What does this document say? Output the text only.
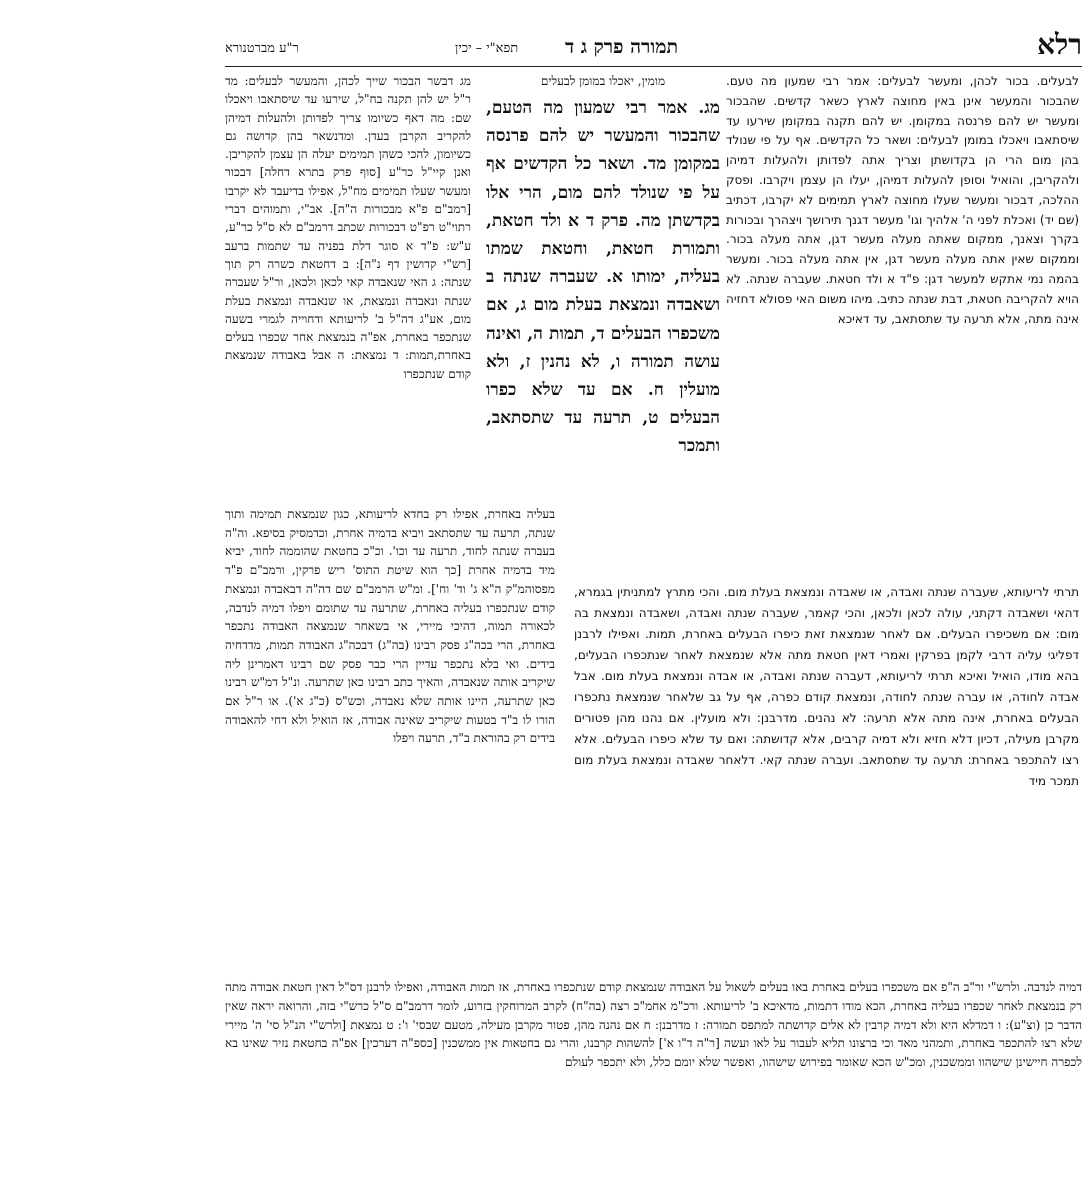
רלא
תמורה פרק ג ד
תפא"י – יכין
ר"ע מברטנורא

לבעלים. בכור לכהן, ומעשר לבעלים: אמר רבי שמעון מה טעם. שהבכור והמעשר אינן באין מחוצה לארץ כשאר קדשים. שהבכור ומעשר יש להם פרנסה במקומן. יש להם תקנה במקומן שירעו עד שיסתאבו ויאכלו במומן לבעלים: ושאר כל הקדשים. אף על פי שנולד בהן מום הרי הן בקדושתן וצריך אתה לפדותן ולהעלות דמיהן ולהקריבן, והואיל וסופן להעלות דמיהן, יעלו הן עצמן ויקרבו. ופסק ההלכה, דבכור ומעשר שעלו מחוצה לארץ תמימים לא יקרבו, דכתיב (שם יד) ואכלת לפני ה' אלהיך וגו' מעשר דגנך תירושך ויצהרך ובכורות בקרך וצאנך, ממקום שאתה מעלה מעשר דגן, אתה מעלה בכור. וממקום שאין אתה מעלה מעשר דגן, אין אתה מעלה בכור. ומעשר בהמה נמי אתקש למעשר דגן: פ"ד א ולד חטאת. שעברה שנתה. לא הויא להקריבה חטאת, דבת שנתה כתיב. מיהו משום האי פסולא דחזיה אינה מתה, אלא תרעה עד שתסתאב, עד דאיכא

מומין, יאכלו במומן לבעלים

מג. אמר רבי שמעון מה הטעם, שהבכור והמעשר יש להם פרנסה במקומן מד. ושאר כל הקדשים אף על פי שנולד להם מום, הרי אלו בקדשתן מה. פרק ד א ולד חטאת, ותמורת חטאת, וחטאת שמתו בעליה, ימותו א. שעברה שנתה ב ושאבדה ונמצאת בעלת מום ג, אם משכפרו הבעלים ד, תמות ה, ואינה עושה תמורה ו, לא נהנין ז, ולא מועלין ח. אם עד שלא כפרו הבעלים ט, תרעה עד שתסתאב, ותמכר

מג דבשר הבכור שייך לכהן, והמעשר לבעלים: מד ר"ל יש להן תקנה בח"ל, שירעו עד שיסתאבו ויאכלו שם: מה דאף כשיומו צריך לפדותן ולהעלות דמיהן להקריב הקרבן בעדן. ומדנשאר בהן קדושה גם כשיומון, להכי כשהן תמימים יעלה הן עצמן להקריבן. ואנן קיי"ל כר"ע [סוף פרק בתרא דחלה] דבכור ומעשר שעלו תמימים מח"ל, אפילו בדיעבד לא יקרבו [רמב"ם פ"א מבכורות ה"ה]. אב"י, ותמוהים דברי רתוי"ט רפ"ט דבכורות שכתב דרמב"ם לא ס"ל כר"ע, ע"ש: פ"ד א סוגר דלת בפניה עד שתמות ברעב [רש"י קדושין דף נ"ה]: ב דחטאת כשרה רק תוך שנתה: ג האי שנאבדה קאי לכאן ולכאן, ור"ל שעברה שנתה ונאבדה ונמצאת, או שנאבדה ונמצאת בעלת מום, אע"ג דה"ל ב' לריעותא ודחוייה לגמרי בשעה שנתכפר באחרת, אפ"ה בנמצאת אחר שכפרו בעלים באחרת,תמות: ד נמצאת: ה אבל באבודה שנמצאת קודם שנתכפרו

בעליה באחרת, אפילו רק בחדא לריעותא, כגון שנמצאת תמימה ותוך שנתה, תרעה עד שתסתאב ויביא בדמיה אחרת, וכדמסיק בסיפא. וה"ה בעברה שנתה לחוד, תרעה עד וכו'. וכ"כ בחטאת שהוממה לחוד, יביא מיד בדמיה אחרת [כך הוא שיטת התוס' ריש פרקין, ורמב"ם פ"ד מפסוהמ"ק ה"א ג' וד' וח']. ומ"ש הרמב"ם שם דה"ה דבאבדה ונמצאת קודם שנתכפרו בעליה באחרת, שתרעה עד שתומם ויפלו דמיה לנדבה, לכאורה תמוה, דהיכי מיירי, אי בשאחר שנמצאה האבודה נתכפר באחרת, הרי בכה"ג פסק רבינו (בה"ג) דבכה"ג האבודה תמות, מדדחיה בידים. ואי בלא נתכפר עדיין הרי כבר פסק שם רבינו דאמרינן ליה שיקריב אותה שנאבדה, והאיך כתב רבינו כאן שתרעה. ונ"ל דמ"ש רבינו כאן שתרעה, היינו אותה שלא נאבדה, וכש"ס (כ"ג א'). או ר"ל אם הורו לו ב"ד בטעות שיקריב שאינה אבודה, אז הואיל ולא דחי להאבודה בידים רק בהוראת ב"ד, תרעה ויפלו

תרתי לריעותא, שעברה שנתה ואבדה, או שאבדה ונמצאת בעלת מום. והכי מתרץ למתניתין בגמרא, דהאי ושאבדה דקתני, עולה לכאן ולכאן, והכי קאמר, שעברה שנתה ואבדה, ושאבדה ונמצאת בה מום: אם משכיפרו הבעלים. אם לאחר שנמצאת זאת כיפרו הבעלים באחרת, תמות. ואפילו לרבנן דפליגי עליה דרבי לקמן בפרקין ואמרי דאין חטאת מתה אלא שנמצאת לאחר שנתכפרו הבעלים, בהא מודו, הואיל ואיכא תרתי לריעותא, דעברה שנתה ואבדה, או אבדה ונמצאת בעלת מום. אבל אבדה לחודה, או עברה שנתה לחודה, ונמצאת קודם כפרה, אף על גב שלאחר שנמצאת נתכפרו הבעלים באחרת, אינה מתה אלא תרעה: לא נהנים. מדרבנן: ולא מועלין. אם נהנו מהן פטורים מקרבן מעילה, דכיון דלא חזיא ולא דמיה קרבים, אלא קדושתה: ואם עד שלא כיפרו הבעלים. אלא רצו להתכפר באחרת: תרעה עד שתסתאב. ועברה שנתה קאי. דלאחר שאבדה ונמצאת בעלת מום תמכר מיד

דמיה לנדבה. ולרש"י ור"ב ה"פ אם משכפרו בעלים באחרת באו בעלים לשאול על האבודה שנמצאת קודם שנתכפרו באחרת, אז תמות האבודה, ואפילו לרבנן דס"ל דאין חטאת אבודה מתה רק בנמצאת לאחר שכפרו בעליה באחרת, הכא מודו דתמות, מדאיכא ב' לריעותא. ורכ"מ אחמ"כ רצה (בה"ח) לקרב המרוחקין בזרוע, לומר דרמב"ם ס"ל כרש"י בזה, והרואה יראה שאין הדבר כן (וצ"ע): ו דמדלא היא ולא דמיה קרבין לא אלים קדושתה למתפס תמורה: ז מדרבנן: ח אם נהנה מהן, פטור מקרבן מעילה, מטעם שבסי' ו': ט נמצאת [ולרש"י הנ"ל סי' ה' מיירי שלא רצו להתכפר באחרת, ותמהני מאד וכי ברצונו תליא לעבור על לאו ועשה [ר"ה ד"ו א'] להשהות קרבנו, והרי גם בחטאות אין ממשכנין [כספ"ה דערכין] אפ"ה בחטאת נזיר שאינו בא לכפרה חיישינן שישהוו וממשכנין, ומכ"ש הכא שאומר בפירוש שישהוו, ואפשר שלא יומם כלל, ולא יתכפר לעולם
